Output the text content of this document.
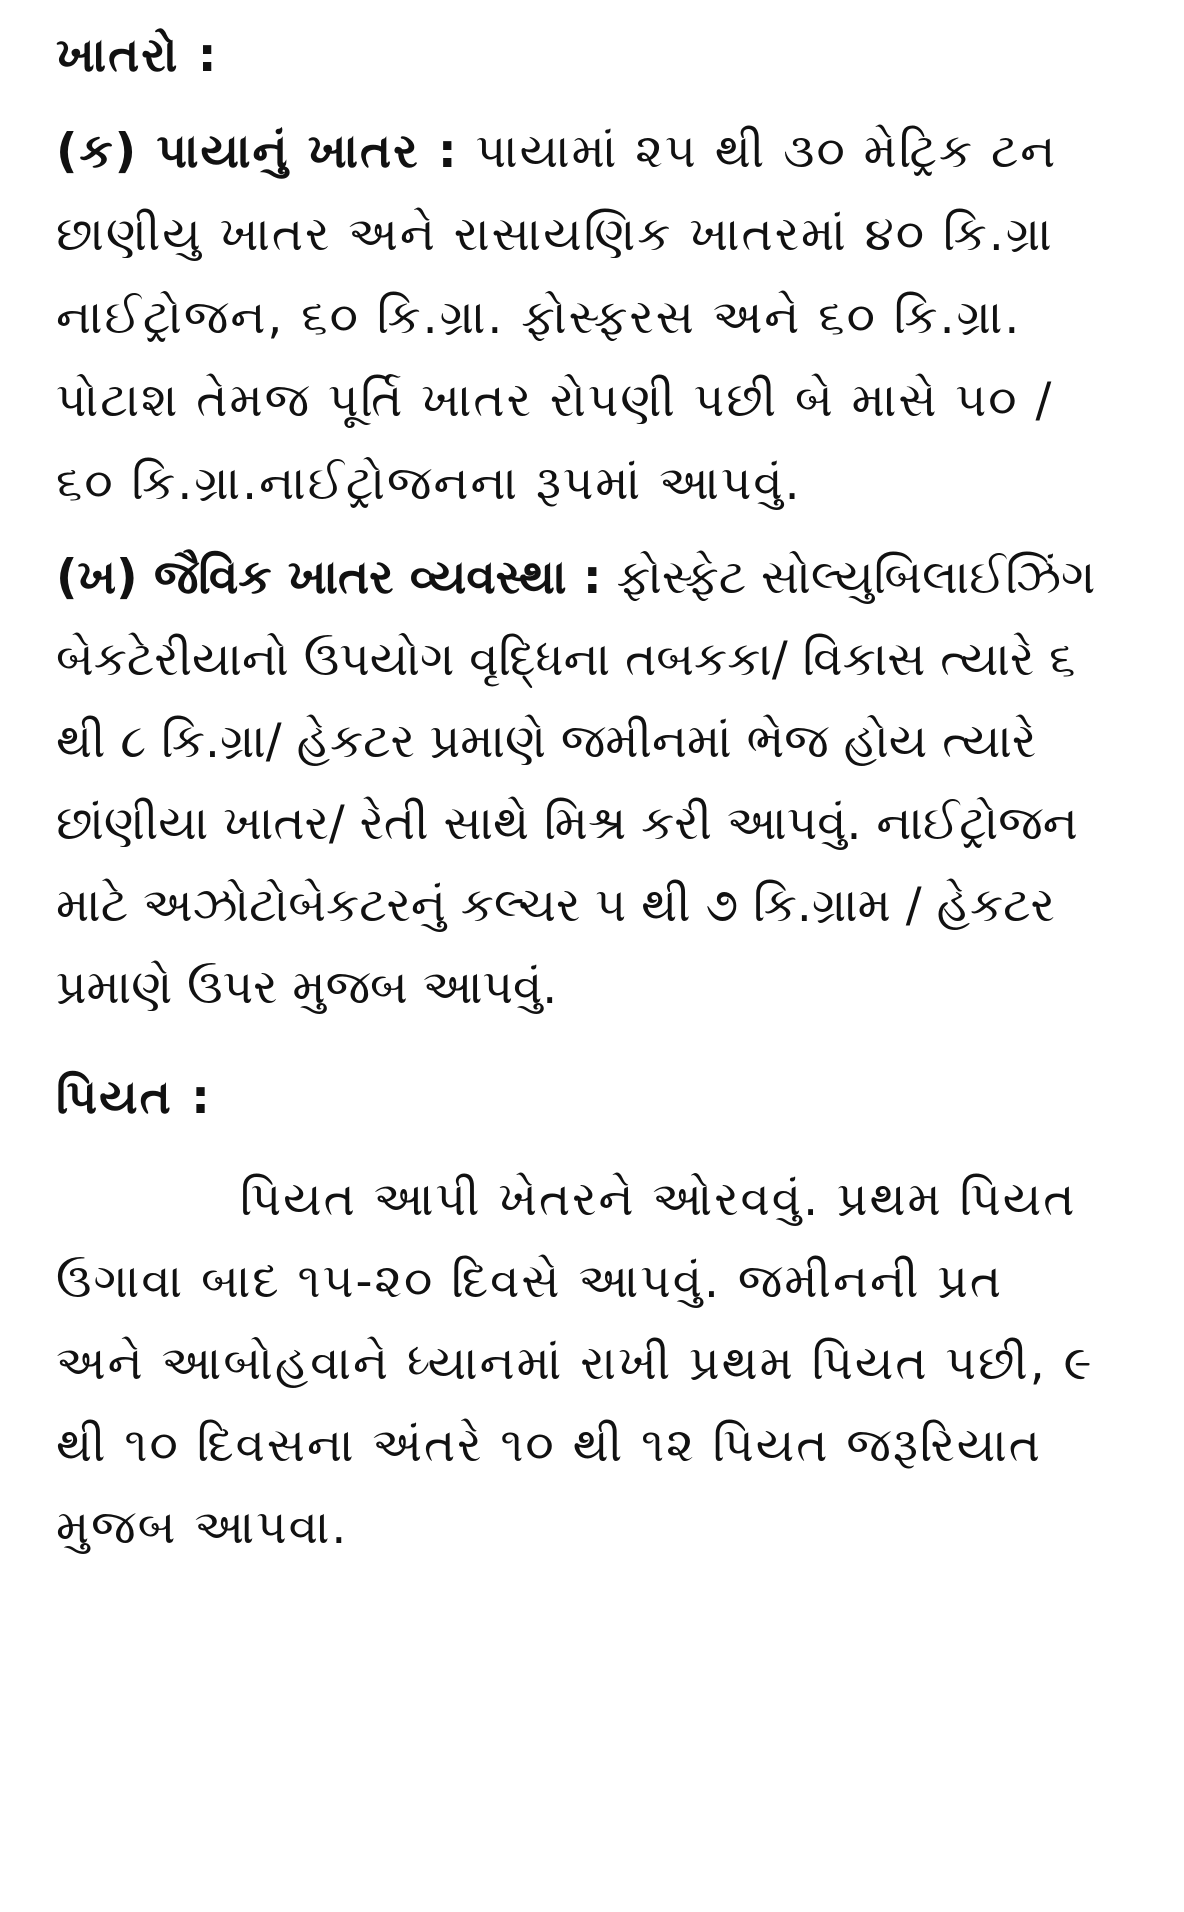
ખાતરો :
(ક) પાયાનું ખાતર : પાયામાં ૨૫ થી ૩૦ મેટ્રિક ટન
છાણીયુ ખાતર અને રાસાયણિક ખાતરમાં ૪૦ કિ.ગ્રા
નાઈટ્રોજન, ૬૦ કિ.ગ્રા. ફોસ્ફરસ અને ૬૦ કિ.ગ્રા.
પોટાશ તેમજ પૂર્તિ ખાતર રોપણી પછી બે માસે ૫૦ /
૬૦ કિ.ગ્રા.નાઈટ્રોજનના રૂપમાં આપવું.
(ખ) જૈવિક ખાતર વ્યવસ્થા : ફોસ્ફેટ સોલ્યુબિલાઈઝિંગ
બેકટેરીયાનો ઉપયોગ વૃદ્ધિના તબકકા/ વિકાસ ત્યારે ૬
થી ૮ કિ.ગ્રા/ હેકટર પ્રમાણે જમીનમાં ભેજ હોય ત્યારે
છાંણીયા ખાતર/ રેતી સાથે મિશ્ર કરી આપવું. નાઈટ્રોજન
માટે અઝોટોબેકટરનું કલ્ચર ૫ થી ૭ કિ.ગ્રામ / હેકટર
પ્રમાણે ઉપર મુજબ આપવું.
પિયત :
પિયત આપી ખેતરને ઓરવવું. પ્રથમ પિયત
ઉગાવા બાદ ૧૫-૨૦ દિવસે આપવું. જમીનની પ્રત
અને આબોહવાને ધ્યાનમાં રાખી પ્રથમ પિયત પછી, ૯
થી ૧૦ દિવસના અંતરે ૧૦ થી ૧૨ પિયત જરૂરિયાત
મુજબ આપવા.
